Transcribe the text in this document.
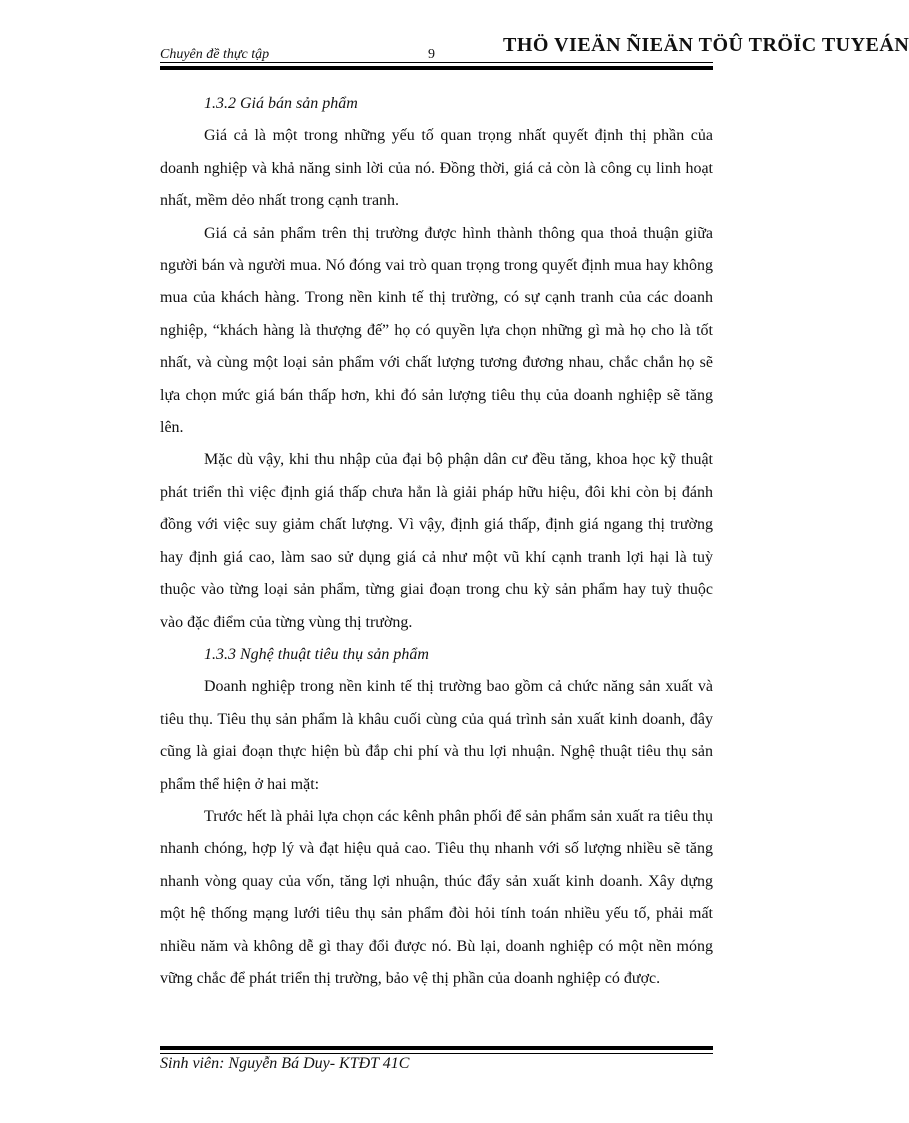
Chuyên đề thực tập	9	THÖ VIEÄN ÑIEÄN TÖÛ TRÖÏC TUYEÁN
1.3.2 Giá bán sản phẩm

Giá cả là một trong những yếu tố quan trọng nhất quyết định thị phần của doanh nghiệp và khả năng sinh lời của nó. Đồng thời, giá cả còn là công cụ linh hoạt nhất, mềm dẻo nhất trong cạnh tranh.

Giá cả sản phẩm trên thị trường được hình thành thông qua thoả thuận giữa người bán và người mua. Nó đóng vai trò quan trọng trong quyết định mua hay không mua của khách hàng. Trong nền kinh tế thị trường, có sự cạnh tranh của các doanh nghiệp, “khách hàng là thượng đế” họ có quyền lựa chọn những gì mà họ cho là tốt nhất, và cùng một loại sản phẩm với chất lượng tương đương nhau, chắc chắn họ sẽ lựa chọn mức giá bán thấp hơn, khi đó sản lượng tiêu thụ của doanh nghiệp sẽ tăng lên.

Mặc dù vậy, khi thu nhập của đại bộ phận dân cư đều tăng, khoa học kỹ thuật phát triển thì việc định giá thấp chưa hẳn là giải pháp hữu hiệu, đôi khi còn bị đánh đồng với việc suy giảm chất lượng. Vì vậy, định giá thấp, định giá ngang thị trường hay định giá cao, làm sao sử dụng giá cả như một vũ khí cạnh tranh lợi hại là tuỳ thuộc vào từng loại sản phẩm, từng giai đoạn trong chu kỳ sản phẩm hay tuỳ thuộc vào đặc điểm của từng vùng thị trường.

1.3.3 Nghệ thuật tiêu thụ sản phẩm

Doanh nghiệp trong nền kinh tế thị trường bao gồm cả chức năng sản xuất và tiêu thụ. Tiêu thụ sản phẩm là khâu cuối cùng của quá trình sản xuất kinh doanh, đây cũng là giai đoạn thực hiện bù đắp chi phí và thu lợi nhuận. Nghệ thuật tiêu thụ sản phẩm thể hiện ở hai mặt:

Trước hết là phải lựa chọn các kênh phân phối để sản phẩm sản xuất ra tiêu thụ nhanh chóng, hợp lý và đạt hiệu quả cao. Tiêu thụ nhanh với số lượng nhiều sẽ tăng nhanh vòng quay của vốn, tăng lợi nhuận, thúc đẩy sản xuất kinh doanh. Xây dựng một hệ thống mạng lưới tiêu thụ sản phẩm đòi hỏi tính toán nhiều yếu tố, phải mất nhiều năm và không dễ gì thay đổi được nó. Bù lại, doanh nghiệp có một nền móng vững chắc để phát triển thị trường, bảo vệ thị phần của doanh nghiệp có được.

Sinh viên: Nguyễn Bá Duy- KTĐT 41C
